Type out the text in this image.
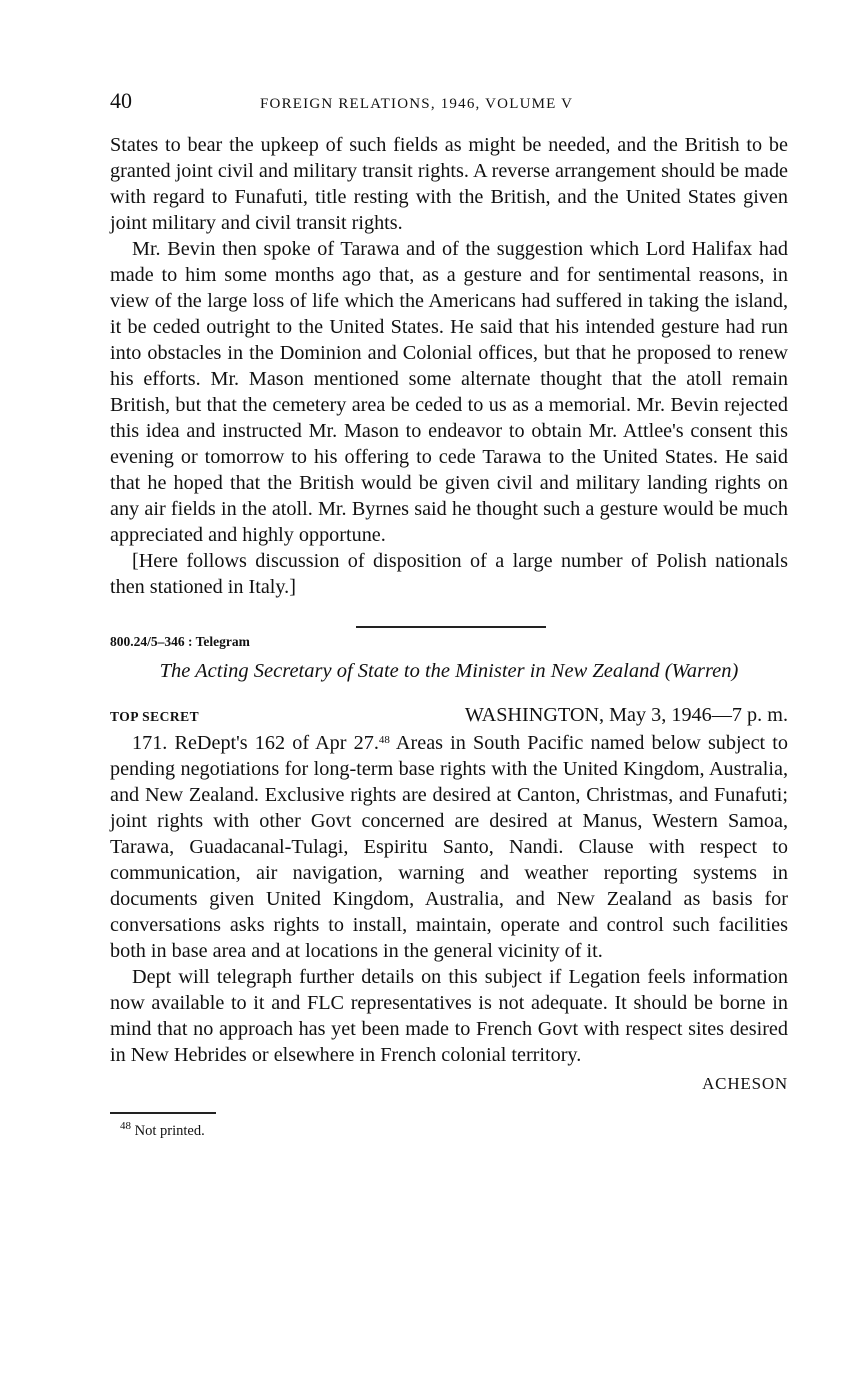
40	FOREIGN RELATIONS, 1946, VOLUME V

States to bear the upkeep of such fields as might be needed, and the British to be granted joint civil and military transit rights. A reverse arrangement should be made with regard to Funafuti, title resting with the British, and the United States given joint military and civil transit rights.

Mr. Bevin then spoke of Tarawa and of the suggestion which Lord Halifax had made to him some months ago that, as a gesture and for sentimental reasons, in view of the large loss of life which the Americans had suffered in taking the island, it be ceded outright to the United States. He said that his intended gesture had run into obstacles in the Dominion and Colonial offices, but that he proposed to renew his efforts. Mr. Mason mentioned some alternate thought that the atoll remain British, but that the cemetery area be ceded to us as a memorial. Mr. Bevin rejected this idea and instructed Mr. Mason to endeavor to obtain Mr. Attlee's consent this evening or tomorrow to his offering to cede Tarawa to the United States. He said that he hoped that the British would be given civil and military landing rights on any air fields in the atoll. Mr. Byrnes said he thought such a gesture would be much appreciated and highly opportune.

[Here follows discussion of disposition of a large number of Polish nationals then stationed in Italy.]

800.24/5–346 : Telegram
The Acting Secretary of State to the Minister in New Zealand (Warren)
TOP SECRET	WASHINGTON, May 3, 1946—7 p. m.

171. ReDept's 162 of Apr 27.48 Areas in South Pacific named below subject to pending negotiations for long-term base rights with the United Kingdom, Australia, and New Zealand. Exclusive rights are desired at Canton, Christmas, and Funafuti; joint rights with other Govt concerned are desired at Manus, Western Samoa, Tarawa, Guadacanal-Tulagi, Espiritu Santo, Nandi. Clause with respect to communication, air navigation, warning and weather reporting systems in documents given United Kingdom, Australia, and New Zealand as basis for conversations asks rights to install, maintain, operate and control such facilities both in base area and at locations in the general vicinity of it.

Dept will telegraph further details on this subject if Legation feels information now available to it and FLC representatives is not adequate. It should be borne in mind that no approach has yet been made to French Govt with respect sites desired in New Hebrides or elsewhere in French colonial territory.

ACHESON
$^{48}$ Not printed.
